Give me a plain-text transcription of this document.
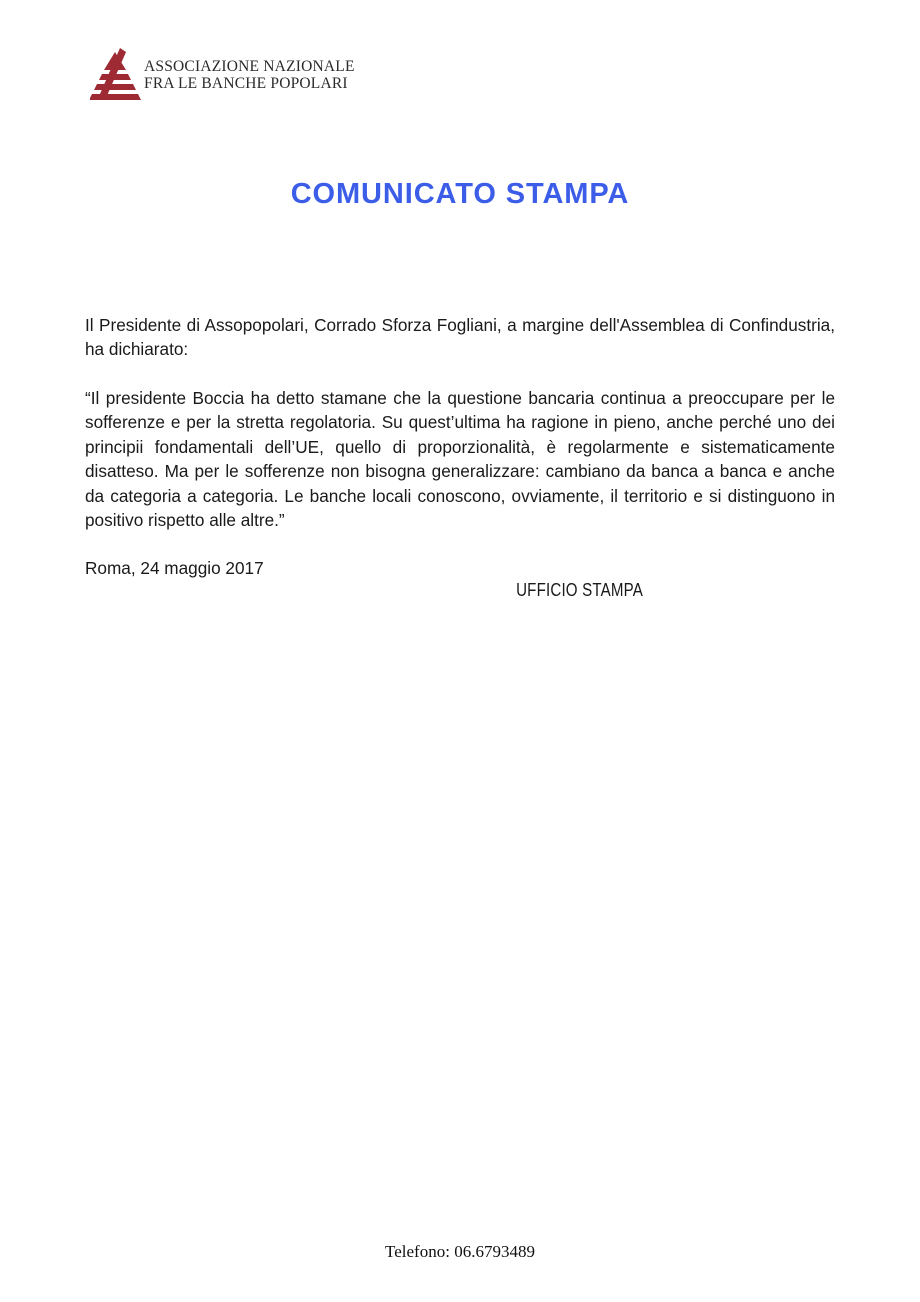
ASSOCIAZIONE NAZIONALE
FRA LE BANCHE POPOLARI
COMUNICATO STAMPA

Il Presidente di Assopopolari, Corrado Sforza Fogliani, a margine dell'Assemblea di Confindustria, ha dichiarato:

“Il presidente Boccia ha detto stamane che la questione bancaria continua a preoccupare per le sofferenze e per la stretta regolatoria. Su quest’ultima ha ragione in pieno, anche perché uno dei principii fondamentali dell’UE, quello di proporzionalità, è regolarmente e sistematicamente disatteso. Ma per le sofferenze non bisogna generalizzare: cambiano da banca a banca e anche da categoria a categoria. Le banche locali conoscono, ovviamente, il territorio e si distinguono in positivo rispetto alle altre.”

Roma, 24 maggio 2017

UFFICIO STAMPA
Telefono: 06.6793489
